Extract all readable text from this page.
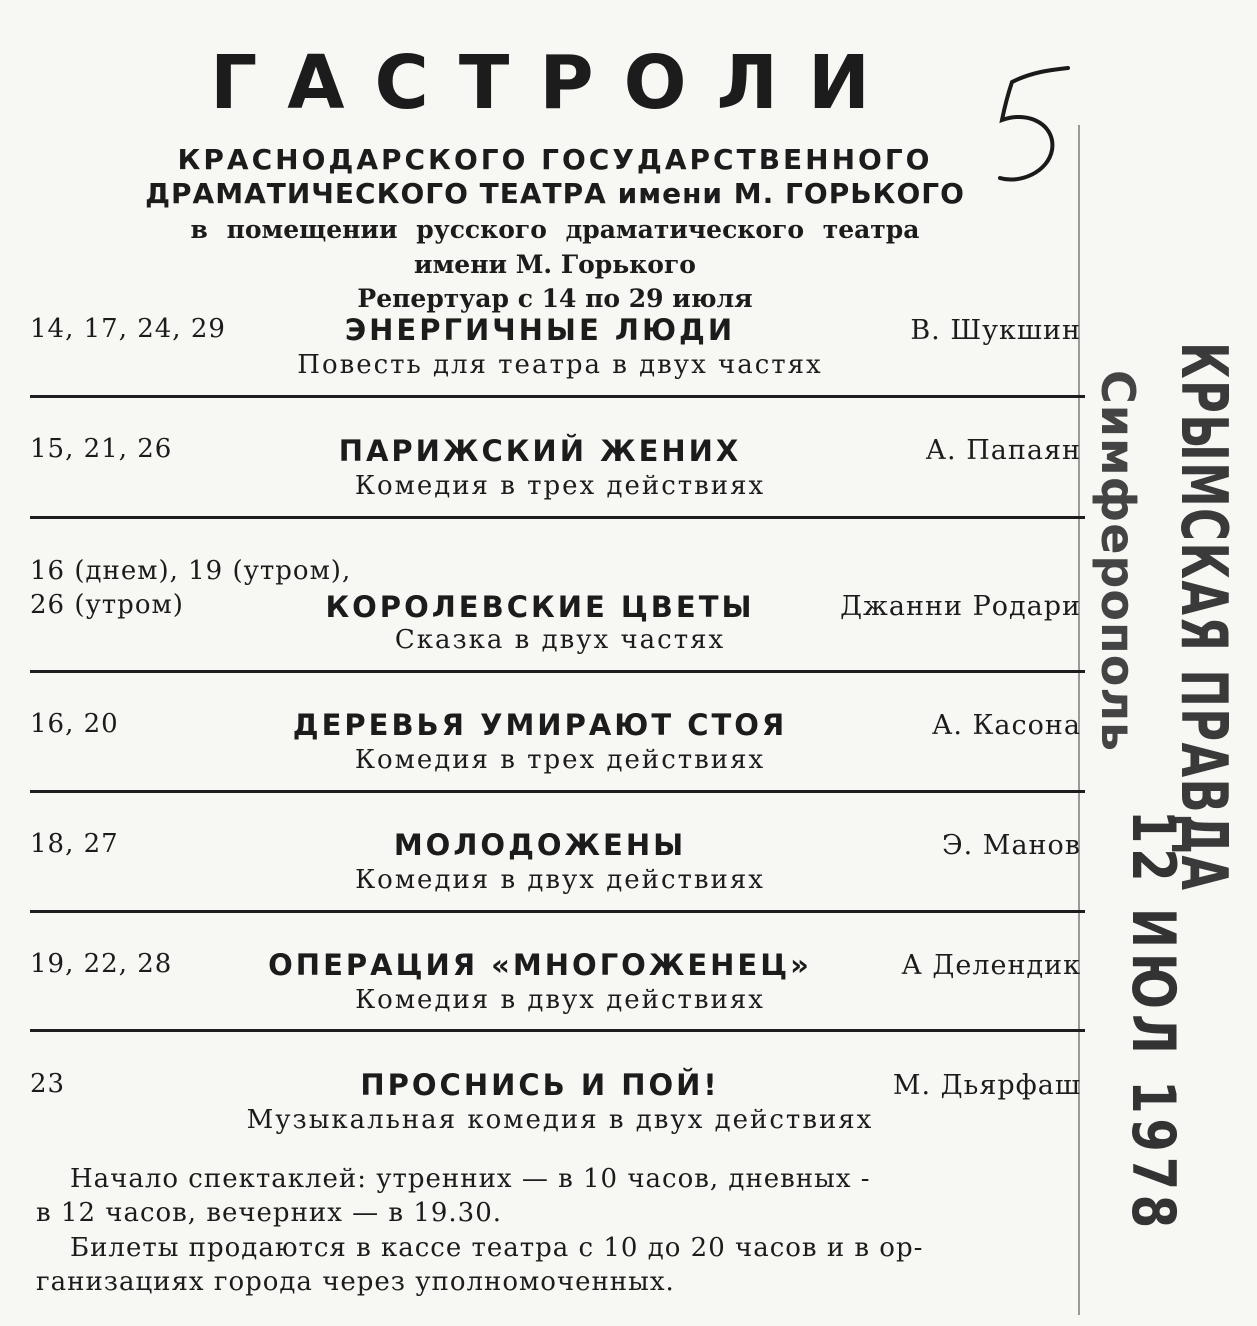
ГАСТРОЛИ
КРАСНОДАРСКОГО ГОСУДАРСТВЕННОГО
ДРАМАТИЧЕСКОГО ТЕАТРА имени М. ГОРЬКОГО
в помещении русского драматического театра
имени М. Горького
Репертуар с 14 по 29 июля
14, 17, 24, 29	ЭНЕРГИЧНЫЕ ЛЮДИ	В. Шукшин
Повесть для театра в двух частях
15, 21, 26	ПАРИЖСКИЙ ЖЕНИХ	А. Папаян
Комедия в трех действиях
16 (днем), 19 (утром),
26 (утром)	КОРОЛЕВСКИЕ ЦВЕТЫ	Джанни Родари
Сказка в двух частях
16, 20	ДЕРЕВЬЯ УМИРАЮТ СТОЯ	А. Касона
Комедия в трех действиях
18, 27	МОЛОДОЖЕНЫ	Э. Манов
Комедия в двух действиях
19, 22, 28	ОПЕРАЦИЯ «МНОГОЖЕНЕЦ»	А Делендик
Комедия в двух действиях
23	ПРОСНИСЬ И ПОЙ!	М. Дьярфаш
Музыкальная комедия в двух действиях
Начало спектаклей: утренних — в 10 часов, дневных -
в 12 часов, вечерних — в 19.30.
Билеты продаются в кассе театра с 10 до 20 часов и в ор-
ганизациях города через уполномоченных.
КРЫМСКАЯ ПРАВДА
Симферополь
12 ИЮЛ 1978
